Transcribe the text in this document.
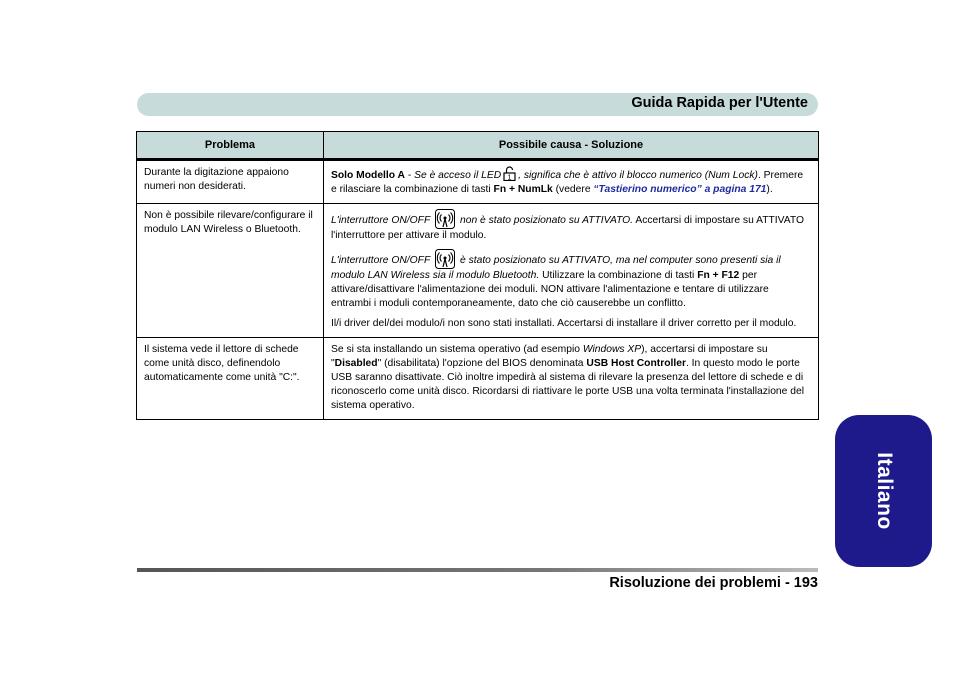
Guida Rapida per l'Utente
Problema	Possibile causa - Soluzione
Durante la digitazione appaiono numeri non desiderati.	Solo Modello A - Se è acceso il LED 1 , significa che è attivo il blocco numerico (Num Lock). Premere e rilasciare la combinazione di tasti Fn + NumLk (vedere “Tastierino numerico” a pagina 171).

Non è possibile rilevare/configurare il modulo LAN Wireless o Bluetooth.	L'interruttore ON/OFF non è stato posizionato su ATTIVATO. Accertarsi di impostare su ATTIVATO l'interruttore per attivare il modulo.

L'interruttore ON/OFF è stato posizionato su ATTIVATO, ma nel computer sono presenti sia il modulo LAN Wireless sia il modulo Bluetooth. Utilizzare la combinazione di tasti Fn + F12 per attivare/disattivare l'alimentazione dei moduli. NON attivare l'alimentazione e tentare di utilizzare entrambi i moduli contemporaneamente, dato che ciò causerebbe un conflitto.

Il/i driver del/dei modulo/i non sono stati installati. Accertarsi di installare il driver corretto per il modulo.

Il sistema vede il lettore di schede come unità disco, definendolo automaticamente come unità "C:".	Se si sta installando un sistema operativo (ad esempio Windows XP), accertarsi di impostare su "Disabled" (disabilitata) l'opzione del BIOS denominata USB Host Controller. In questo modo le porte USB saranno disattivate. Ciò inoltre impedirà al sistema di rilevare la presenza del lettore di schede e di riconoscerlo come unità disco. Ricordarsi di riattivare le porte USB una volta terminata l'installazione del sistema operativo.

Italiano
Risoluzione dei problemi - 193
